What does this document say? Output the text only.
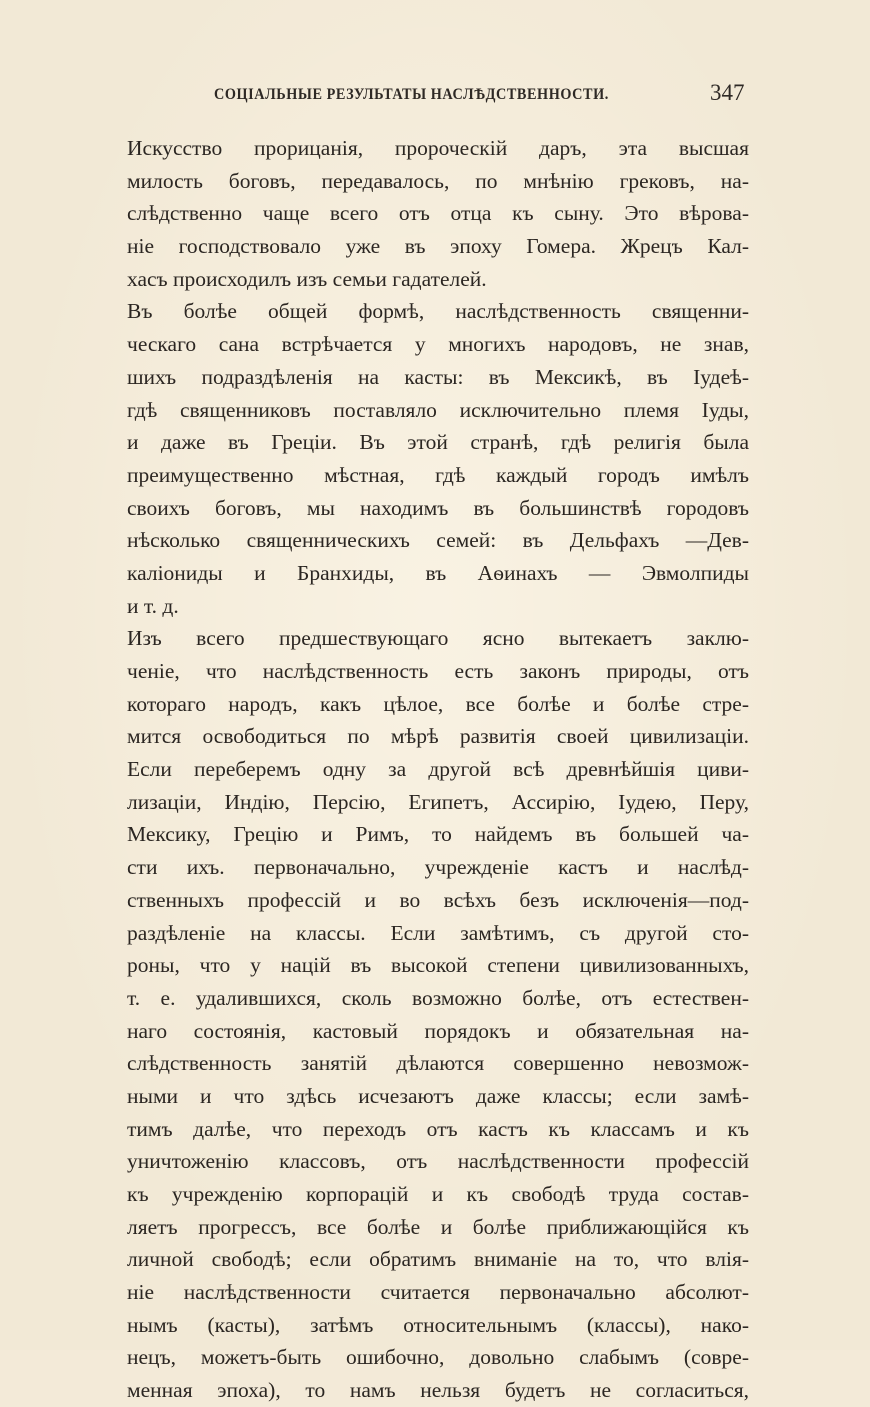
СОЦІАЛЬНЫЕ РЕЗУЛЬТАТЫ НАСЛѢДСТВЕННОСТИ.	347
Искусство прорицанія, пророческій даръ, эта высшая
милость боговъ, передавалось, по мнѣнію грековъ, на-
слѣдственно чаще всего отъ отца къ сыну. Это вѣрова-
ніе господствовало уже въ эпоху Гомера. Жрецъ Кал-
хасъ происходилъ изъ семьи гадателей.
Въ болѣе общей формѣ, наслѣдственность священни-
ческаго сана встрѣчается у многихъ народовъ, не знав,
шихъ подраздѣленія на касты: въ Мексикѣ, въ Іудеѣ-
гдѣ священниковъ поставляло исключительно племя Іуды,
и даже въ Греціи. Въ этой странѣ, гдѣ религія была
преимущественно мѣстная, гдѣ каждый городъ имѣлъ
своихъ боговъ, мы находимъ въ большинствѣ городовъ
нѣсколько священническихъ семей: въ Дельфахъ —Дев-
каліониды и Бранхиды, въ Аѳинахъ — Эвмолпиды
и т. д.
Изъ всего предшествующаго ясно вытекаетъ заклю-
ченіе, что наслѣдственность есть законъ природы, отъ
котораго народъ, какъ цѣлое, все болѣе и болѣе стре-
мится освободиться по мѣрѣ развитія своей цивилизаціи.
Если переберемъ одну за другой всѣ древнѣйшія циви-
лизаціи, Индію, Персію, Египетъ, Ассирію, Іудею, Перу,
Мексику, Грецію и Римъ, то найдемъ въ большей ча-
сти ихъ. первоначально, учрежденіе кастъ и наслѣд-
ственныхъ профессій и во всѣхъ безъ исключенія—под-
раздѣленіе на классы. Если замѣтимъ, съ другой сто-
роны, что у націй въ высокой степени цивилизованныхъ,
т. е. удалившихся, сколь возможно болѣе, отъ естествен-
наго состоянія, кастовый порядокъ и обязательная на-
слѣдственность занятій дѣлаются совершенно невозмож-
ными и что здѣсь исчезаютъ даже классы; если замѣ-
тимъ далѣе, что переходъ отъ кастъ къ классамъ и къ
уничтоженію классовъ, отъ наслѣдственности профессій
къ учрежденію корпорацій и къ свободѣ труда состав-
ляетъ прогрессъ, все болѣе и болѣе приближающійся къ
личной свободѣ; если обратимъ вниманіе на то, что влія-
ніе наслѣдственности считается первоначально абсолют-
нымъ (касты), затѣмъ относительнымъ (классы), нако-
нецъ, можетъ-быть ошибочно, довольно слабымъ (совре-
менная эпоха), то намъ нельзя будетъ не согласиться,
